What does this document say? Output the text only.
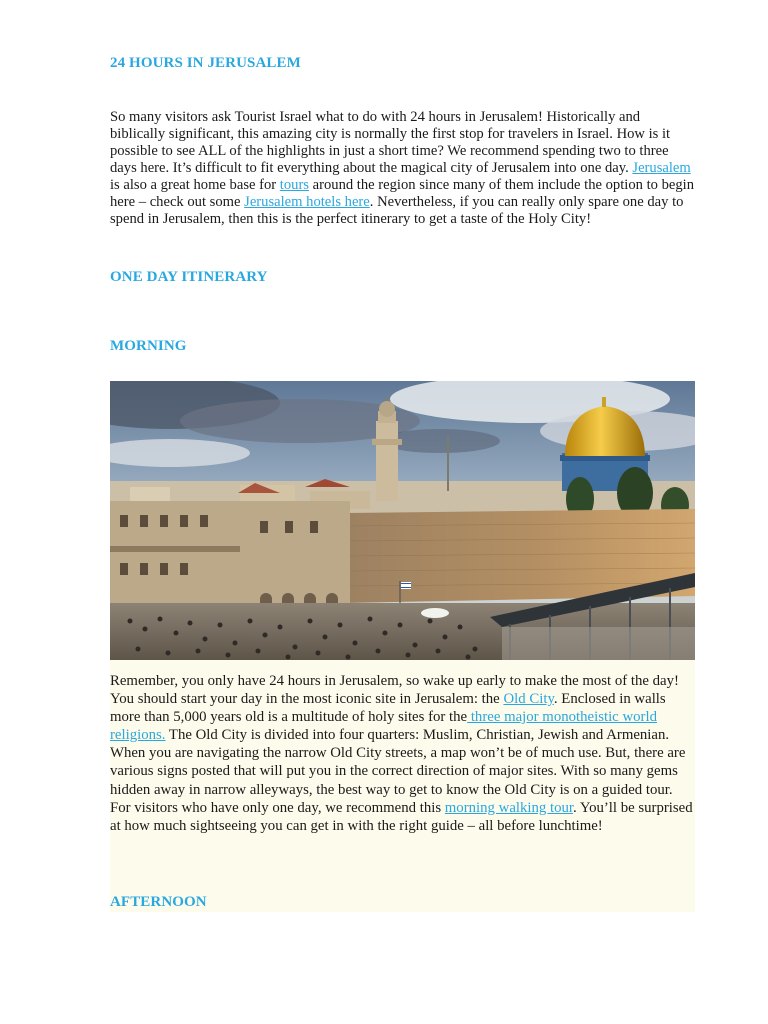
24 HOURS IN JERUSALEM

So many visitors ask Tourist Israel what to do with 24 hours in Jerusalem! Historically and biblically significant, this amazing city is normally the first stop for travelers in Israel. How is it possible to see ALL of the highlights in just a short time? We recommend spending two to three days here. It’s difficult to fit everything about the magical city of Jerusalem into one day. Jerusalem is also a great home base for tours around the region since many of them include the option to begin here – check out some Jerusalem hotels here. Nevertheless, if you can really only spare one day to spend in Jerusalem, then this is the perfect itinerary to get a taste of the Holy City!

ONE DAY ITINERARY
MORNING

Remember, you only have 24 hours in Jerusalem, so wake up early to make the most of the day! You should start your day in the most iconic site in Jerusalem: the Old City. Enclosed in walls more than 5,000 years old is a multitude of holy sites for the three major monotheistic world religions. The Old City is divided into four quarters: Muslim, Christian, Jewish and Armenian. When you are navigating the narrow Old City streets, a map won’t be of much use. But, there are various signs posted that will put you in the correct direction of major sites. With so many gems hidden away in narrow alleyways, the best way to get to know the Old City is on a guided tour. For visitors who have only one day, we recommend this morning walking tour. You’ll be surprised at how much sightseeing you can get in with the right guide – all before lunchtime!

AFTERNOON
